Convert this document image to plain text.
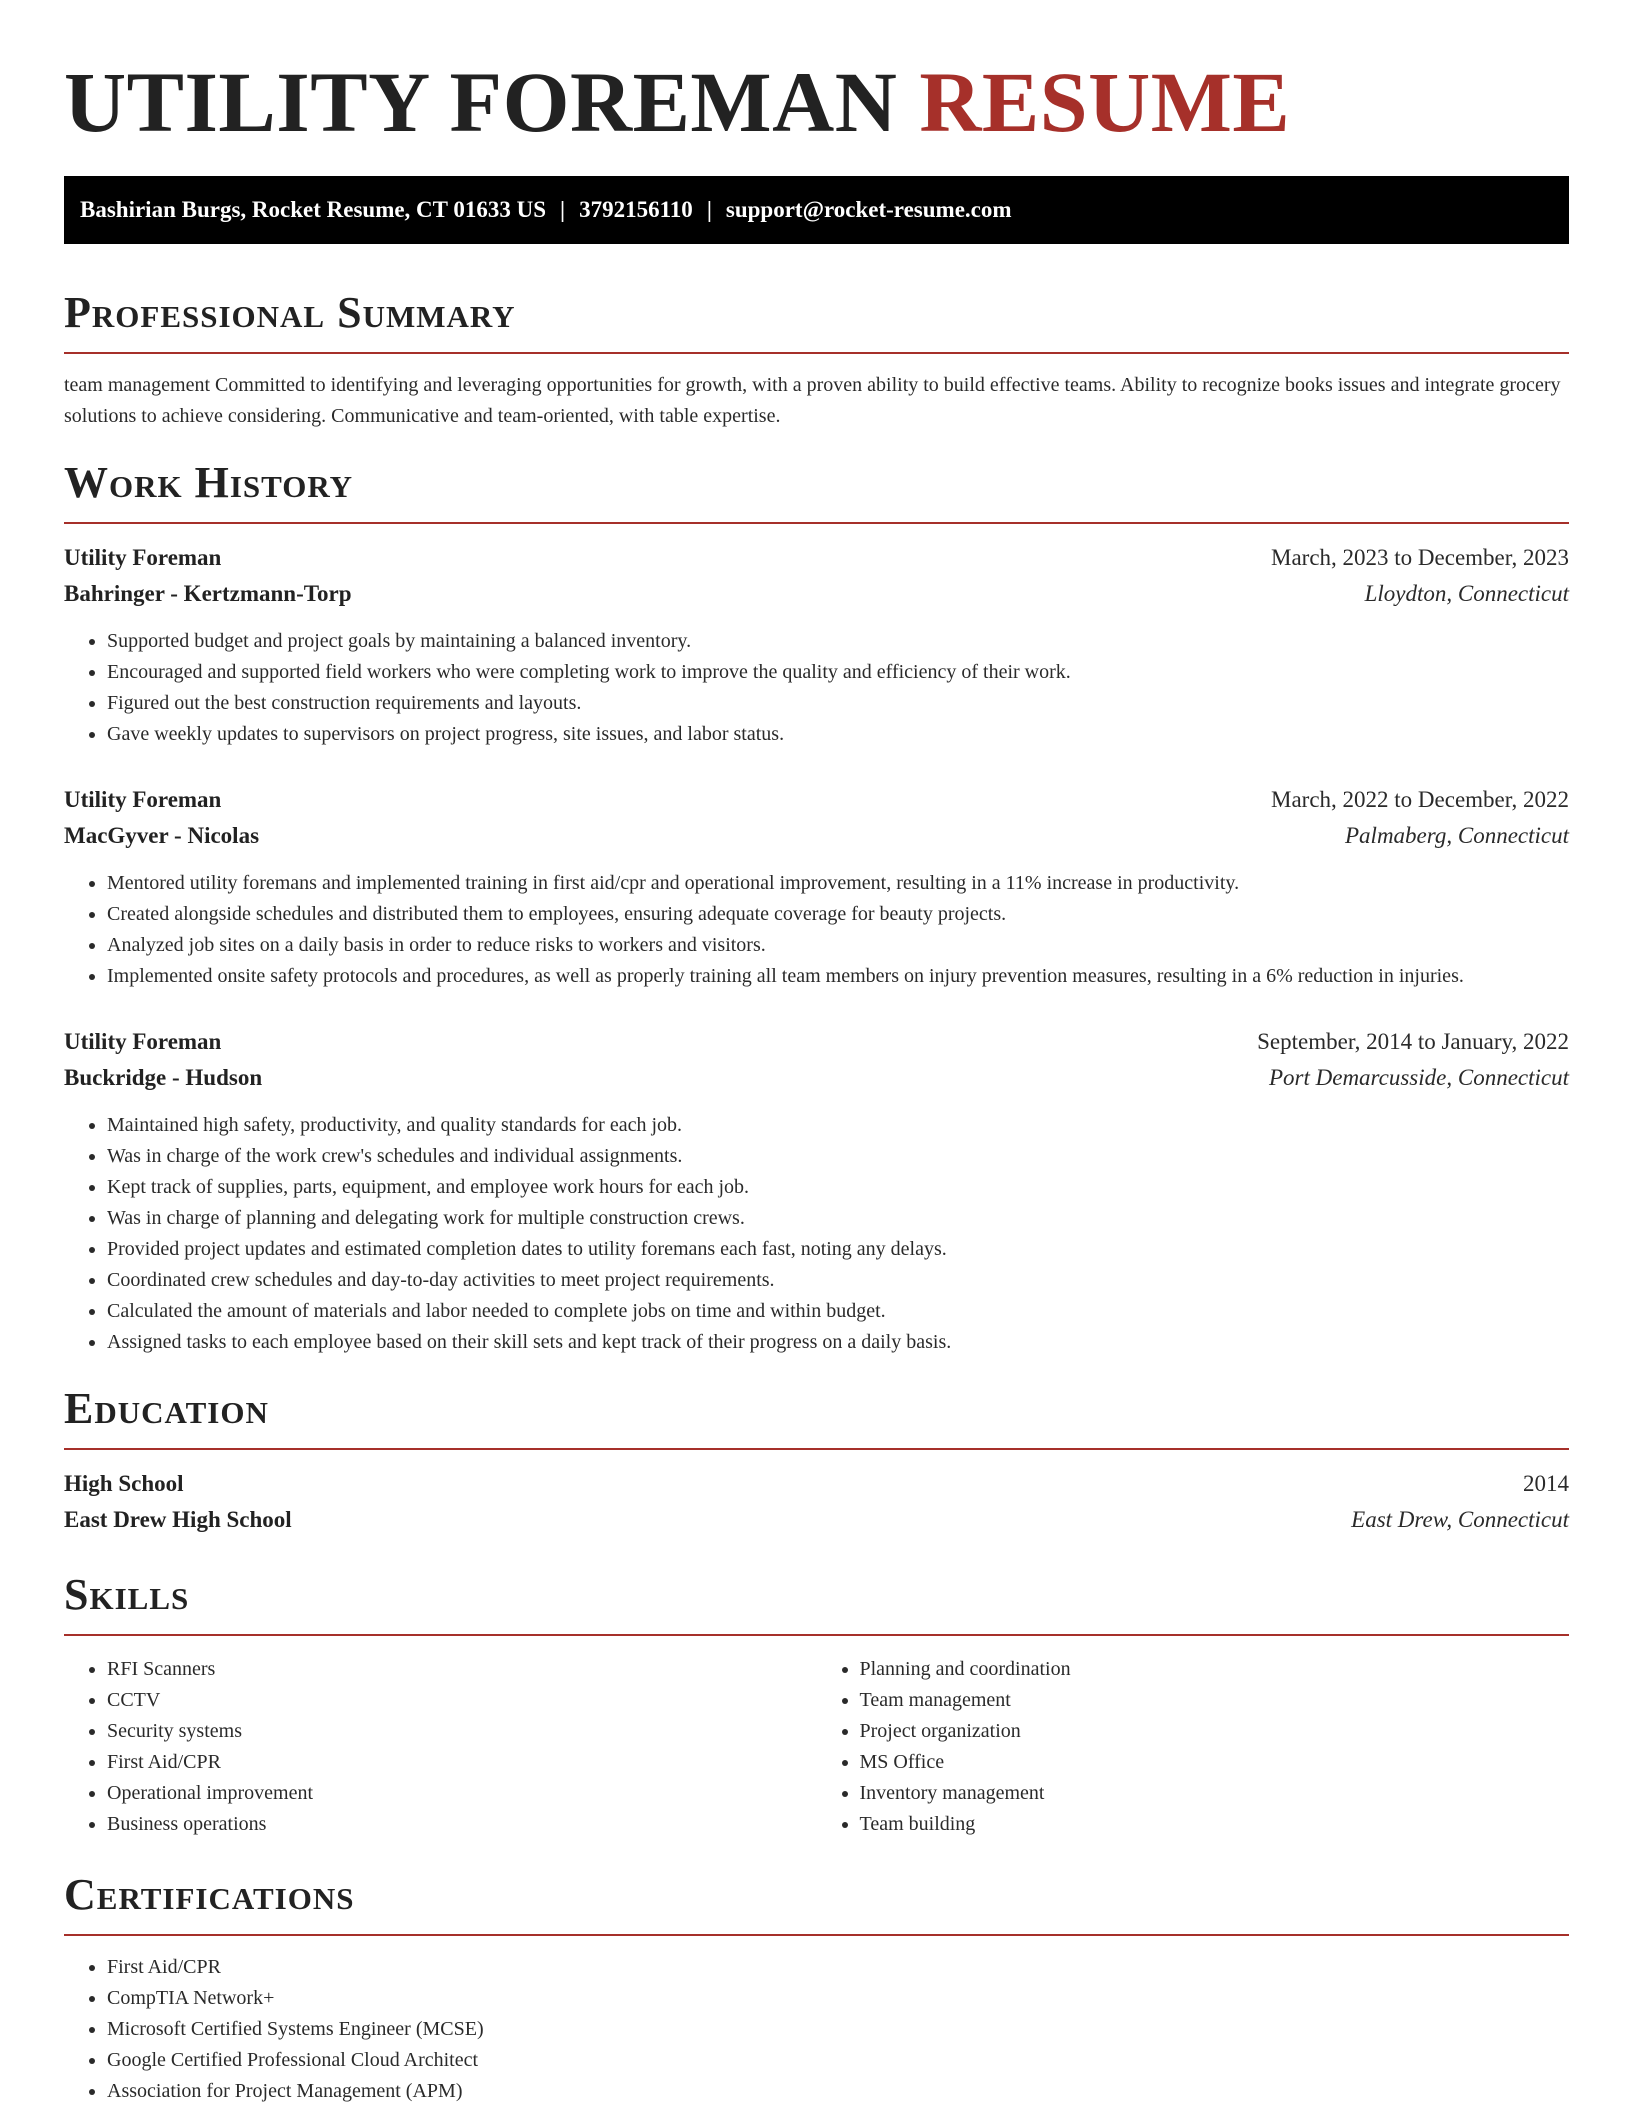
UTILITY FOREMAN RESUME
Bashirian Burgs, Rocket Resume, CT 01633 US | 3792156110 | support@rocket-resume.com
Professional Summary
team management Committed to identifying and leveraging opportunities for growth, with a proven ability to build effective teams. Ability to recognize books issues and integrate grocery solutions to achieve considering. Communicative and team-oriented, with table expertise.
Work History
Utility Foreman	March, 2023 to December, 2023
Bahringer - Kertzmann-Torp	Lloydton, Connecticut
• Supported budget and project goals by maintaining a balanced inventory.
• Encouraged and supported field workers who were completing work to improve the quality and efficiency of their work.
• Figured out the best construction requirements and layouts.
• Gave weekly updates to supervisors on project progress, site issues, and labor status.
Utility Foreman	March, 2022 to December, 2022
MacGyver - Nicolas	Palmaberg, Connecticut
• Mentored utility foremans and implemented training in first aid/cpr and operational improvement, resulting in a 11% increase in productivity.
• Created alongside schedules and distributed them to employees, ensuring adequate coverage for beauty projects.
• Analyzed job sites on a daily basis in order to reduce risks to workers and visitors.
• Implemented onsite safety protocols and procedures, as well as properly training all team members on injury prevention measures, resulting in a 6% reduction in injuries.
Utility Foreman	September, 2014 to January, 2022
Buckridge - Hudson	Port Demarcusside, Connecticut
• Maintained high safety, productivity, and quality standards for each job.
• Was in charge of the work crew's schedules and individual assignments.
• Kept track of supplies, parts, equipment, and employee work hours for each job.
• Was in charge of planning and delegating work for multiple construction crews.
• Provided project updates and estimated completion dates to utility foremans each fast, noting any delays.
• Coordinated crew schedules and day-to-day activities to meet project requirements.
• Calculated the amount of materials and labor needed to complete jobs on time and within budget.
• Assigned tasks to each employee based on their skill sets and kept track of their progress on a daily basis.
Education
High School	2014
East Drew High School	East Drew, Connecticut
Skills
• RFI Scanners
• CCTV
• Security systems
• First Aid/CPR
• Operational improvement
• Business operations
• Planning and coordination
• Team management
• Project organization
• MS Office
• Inventory management
• Team building
Certifications
• First Aid/CPR
• CompTIA Network+
• Microsoft Certified Systems Engineer (MCSE)
• Google Certified Professional Cloud Architect
• Association for Project Management (APM)
